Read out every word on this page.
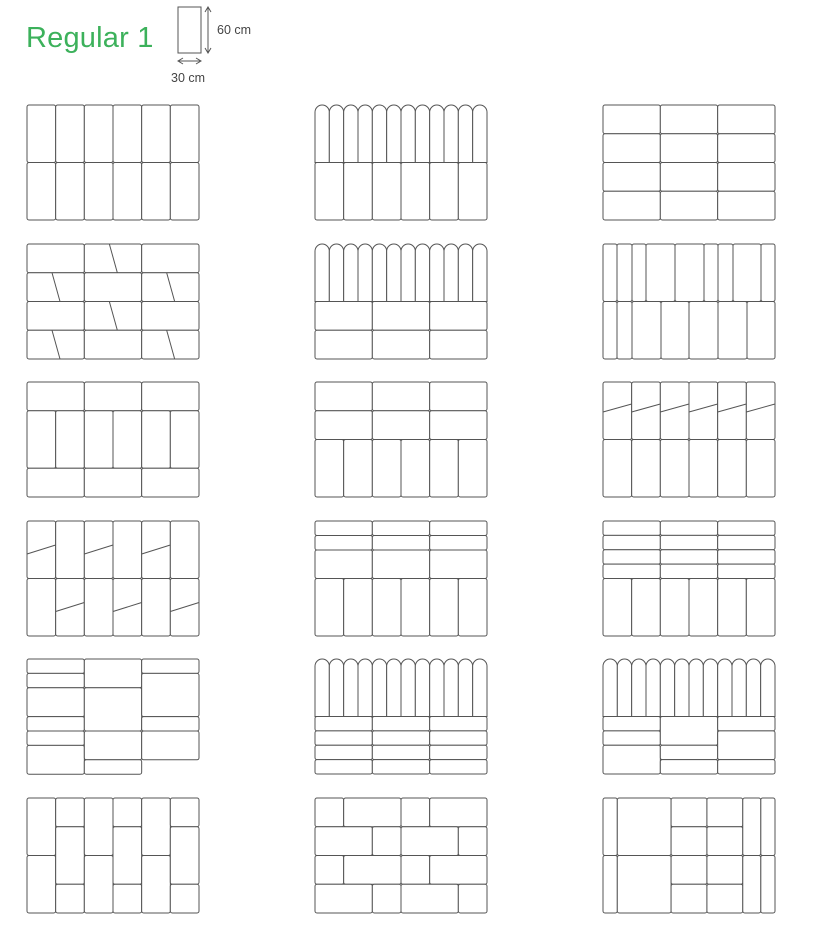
Regular 1	60 cm
30 cm
